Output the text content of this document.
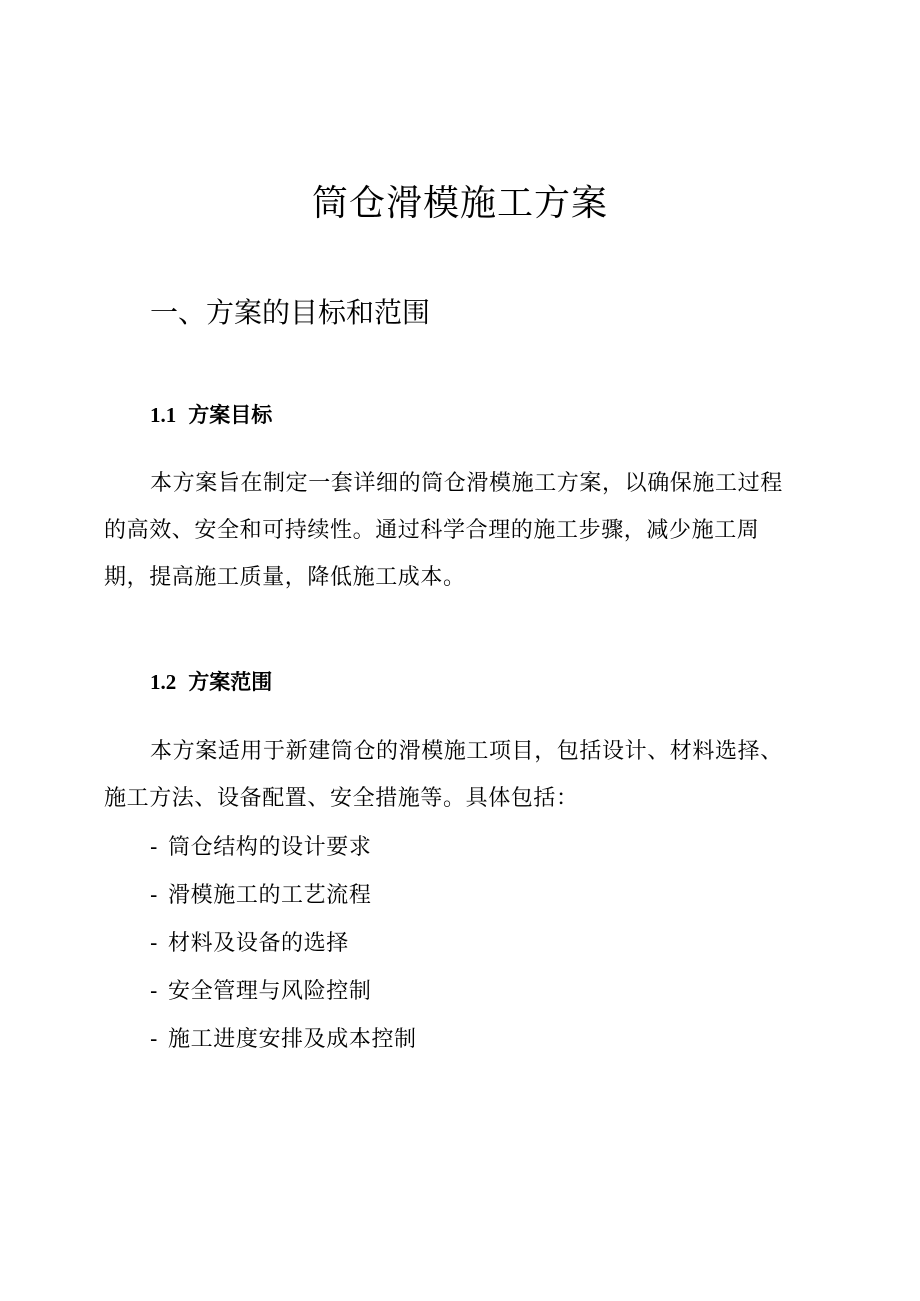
筒仓滑模施工方案
一、方案的目标和范围
1.1 方案目标

本方案旨在制定一套详细的筒仓滑模施工方案，以确保施工过程的高效、安全和可持续性。通过科学合理的施工步骤，减少施工周期，提高施工质量，降低施工成本。

1.2 方案范围

本方案适用于新建筒仓的滑模施工项目，包括设计、材料选择、施工方法、设备配置、安全措施等。具体包括：

- 筒仓结构的设计要求
- 滑模施工的工艺流程
- 材料及设备的选择
- 安全管理与风险控制
- 施工进度安排及成本控制
